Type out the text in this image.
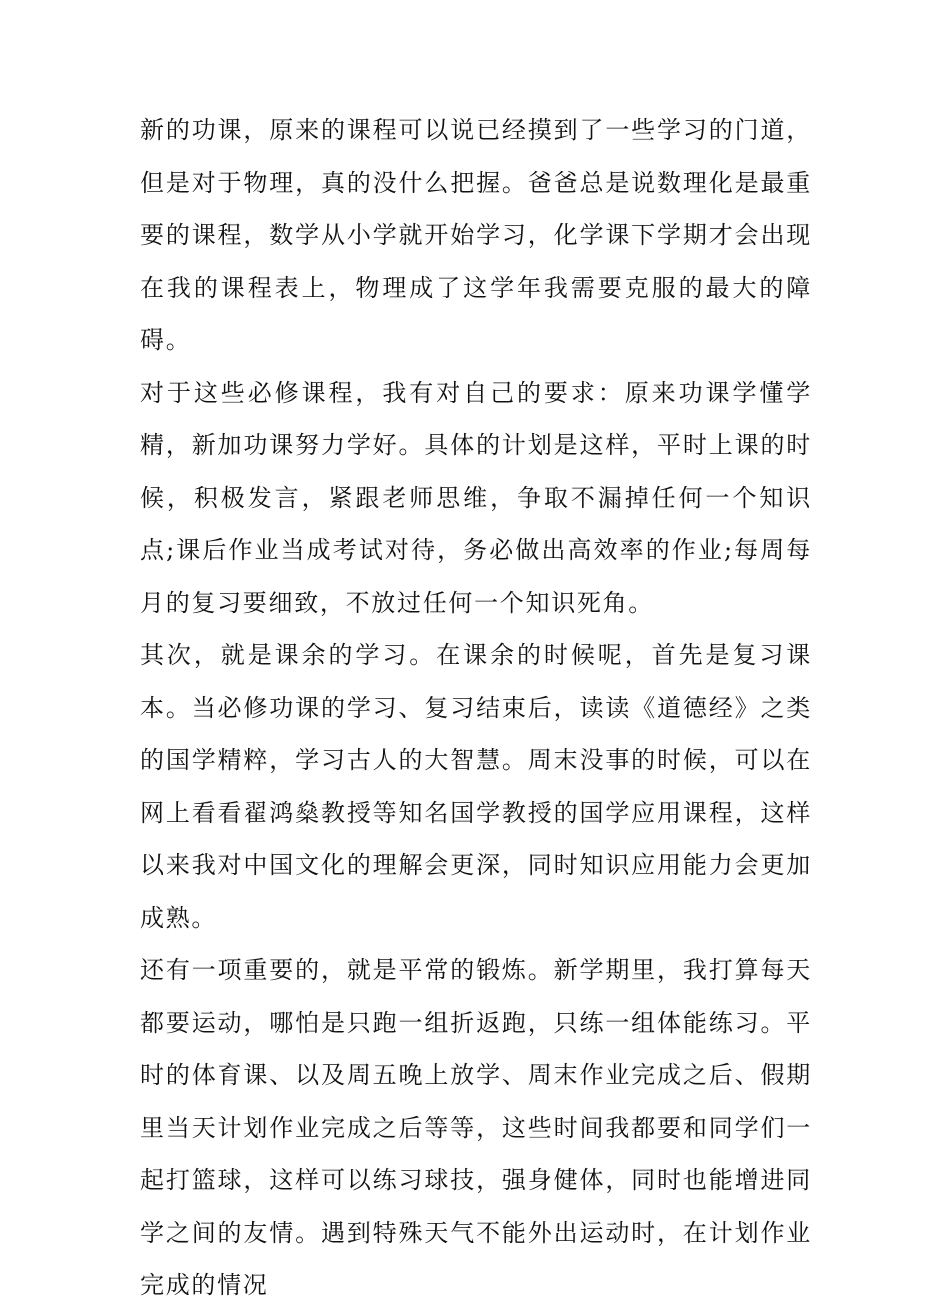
新的功课，原来的课程可以说已经摸到了一些学习的门道，但是对于物理，真的没什么把握。爸爸总是说数理化是最重要的课程，数学从小学就开始学习，化学课下学期才会出现在我的课程表上，物理成了这学年我需要克服的最大的障碍。

对于这些必修课程，我有对自己的要求：原来功课学懂学精，新加功课努力学好。具体的计划是这样，平时上课的时候，积极发言，紧跟老师思维，争取不漏掉任何一个知识点;课后作业当成考试对待，务必做出高效率的作业;每周每月的复习要细致，不放过任何一个知识死角。

其次，就是课余的学习。在课余的时候呢，首先是复习课本。当必修功课的学习、复习结束后，读读《道德经》之类的国学精粹，学习古人的大智慧。周末没事的时候，可以在网上看看翟鸿燊教授等知名国学教授的国学应用课程，这样以来我对中国文化的理解会更深，同时知识应用能力会更加成熟。

还有一项重要的，就是平常的锻炼。新学期里，我打算每天都要运动，哪怕是只跑一组折返跑，只练一组体能练习。平时的体育课、以及周五晚上放学、周末作业完成之后、假期里当天计划作业完成之后等等，这些时间我都要和同学们一起打篮球，这样可以练习球技，强身健体，同时也能增进同学之间的友情。遇到特殊天气不能外出运动时，在计划作业完成的情况
